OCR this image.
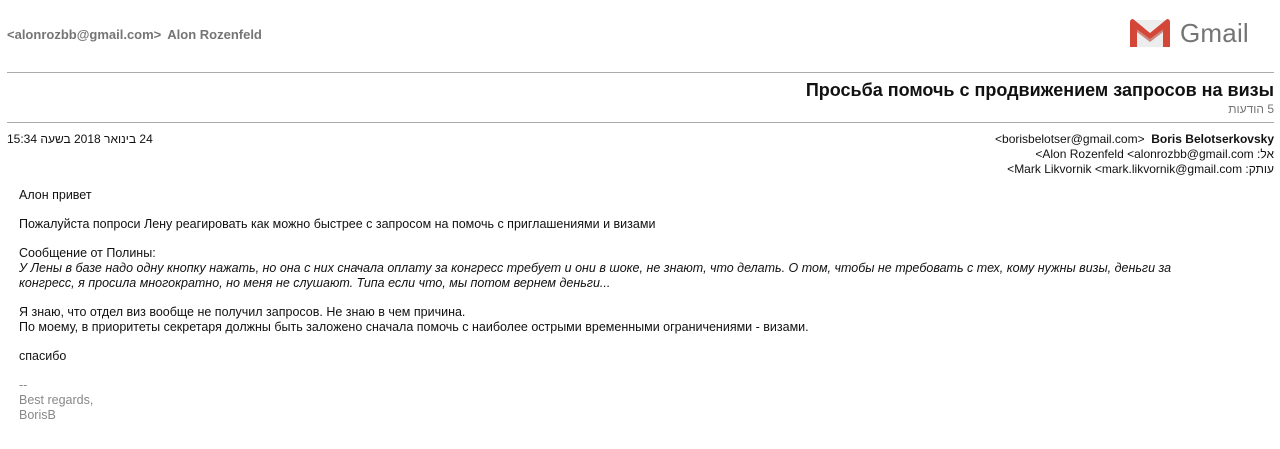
<alonrozbb@gmail.com> Alon Rozenfeld	Gmail
Просьба помочь с продвижением запросов на визы
5 הודעות
24 בינואר 2018 בשעה 15:34	<borisbelotser@gmail.com> Boris Belotserkovsky
אל: Alon Rozenfeld <alonrozbb@gmail.com>
עותק: Mark Likvornik <mark.likvornik@gmail.com>

Алон привет

Пожалуйста попроси Лену реагировать как можно быстрее с запросом на помочь с приглашениями и визами

Сообщение от Полины:
У Лены в базе надо одну кнопку нажать, но она с них сначала оплату за конгресс требует и они в шоке, не знают, что делать. О том, чтобы не требовать с тех, кому нужны визы, деньги за
конгресс, я просила многократно, но меня не слушают. Типа если что, мы потом вернем деньги...

Я знаю, что отдел виз вообще не получил запросов. Не знаю в чем причина.
По моему, в приоритеты секретаря должны быть заложено сначала помочь с наиболее острыми временными ограничениями - визами.

спасибо

--
Best regards,
BorisB
